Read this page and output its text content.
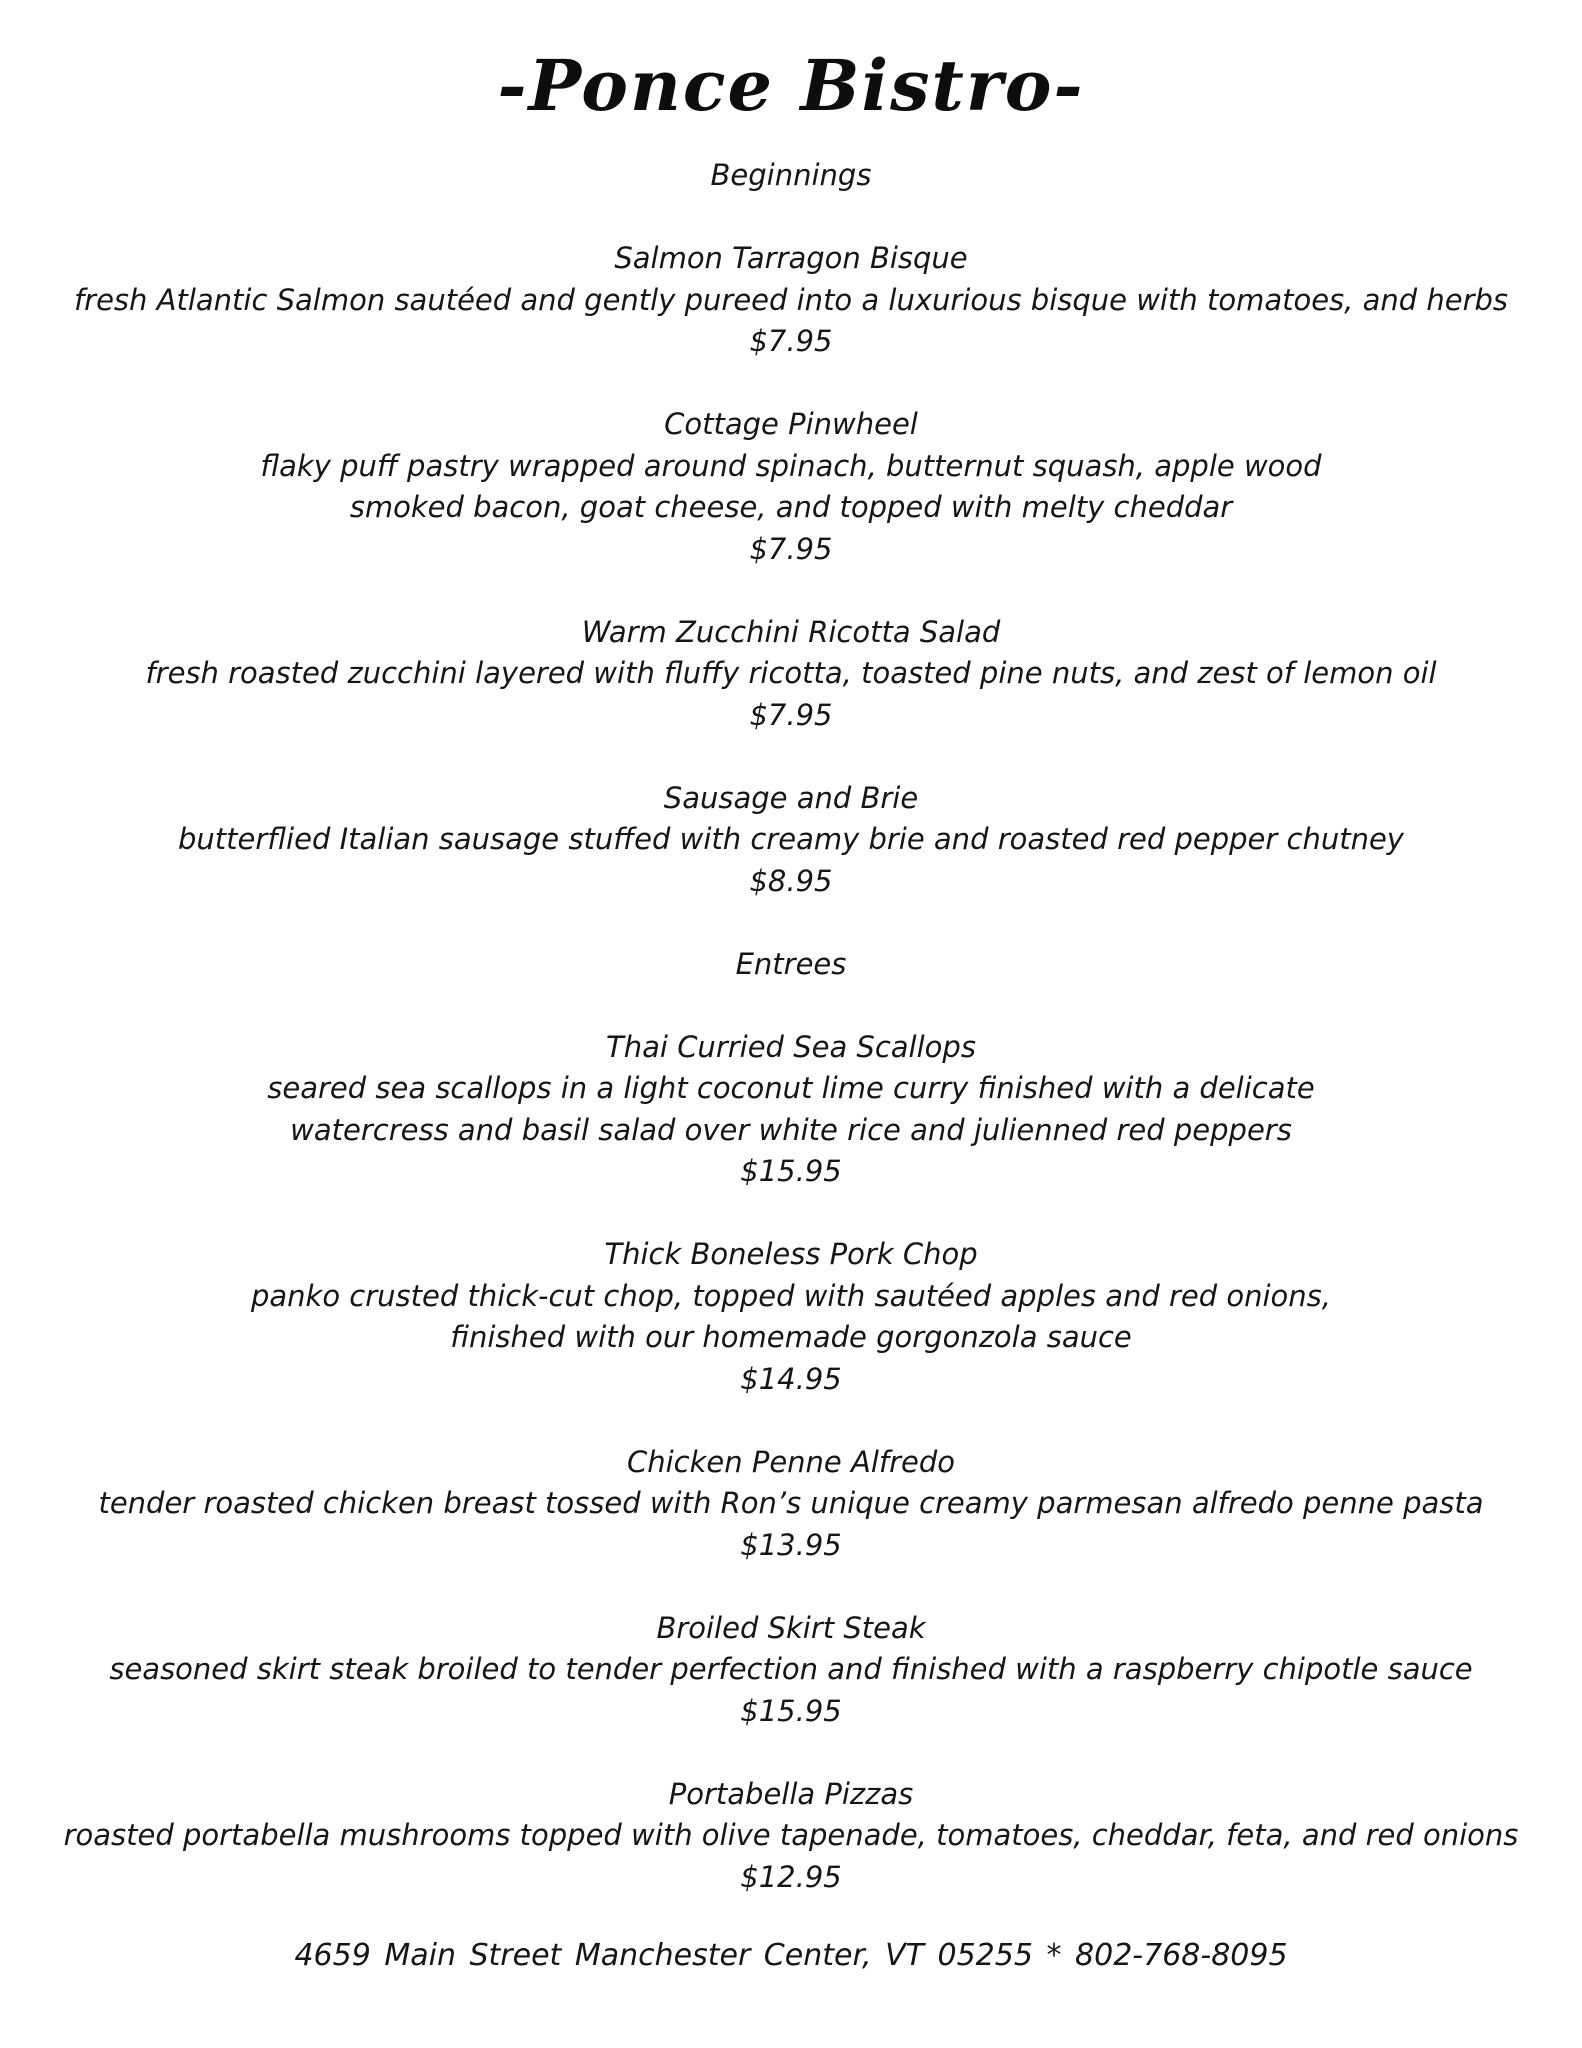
-Ponce Bistro-
Beginnings
Salmon Tarragon Bisque
fresh Atlantic Salmon sautéed and gently pureed into a luxurious bisque with tomatoes, and herbs
$7.95
Cottage Pinwheel
flaky puff pastry wrapped around spinach, butternut squash, apple wood
smoked bacon, goat cheese, and topped with melty cheddar
$7.95
Warm Zucchini Ricotta Salad
fresh roasted zucchini layered with fluffy ricotta, toasted pine nuts, and zest of lemon oil
$7.95
Sausage and Brie
butterflied Italian sausage stuffed with creamy brie and roasted red pepper chutney
$8.95
Entrees
Thai Curried Sea Scallops
seared sea scallops in a light coconut lime curry finished with a delicate
watercress and basil salad over white rice and julienned red peppers
$15.95
Thick Boneless Pork Chop
panko crusted thick-cut chop, topped with sautéed apples and red onions,
finished with our homemade gorgonzola sauce
$14.95
Chicken Penne Alfredo
tender roasted chicken breast tossed with Ron’s unique creamy parmesan alfredo penne pasta
$13.95
Broiled Skirt Steak
seasoned skirt steak broiled to tender perfection and finished with a raspberry chipotle sauce
$15.95
Portabella Pizzas
roasted portabella mushrooms topped with olive tapenade, tomatoes, cheddar, feta, and red onions
$12.95
4659 Main Street Manchester Center, VT 05255 * 802-768-8095
